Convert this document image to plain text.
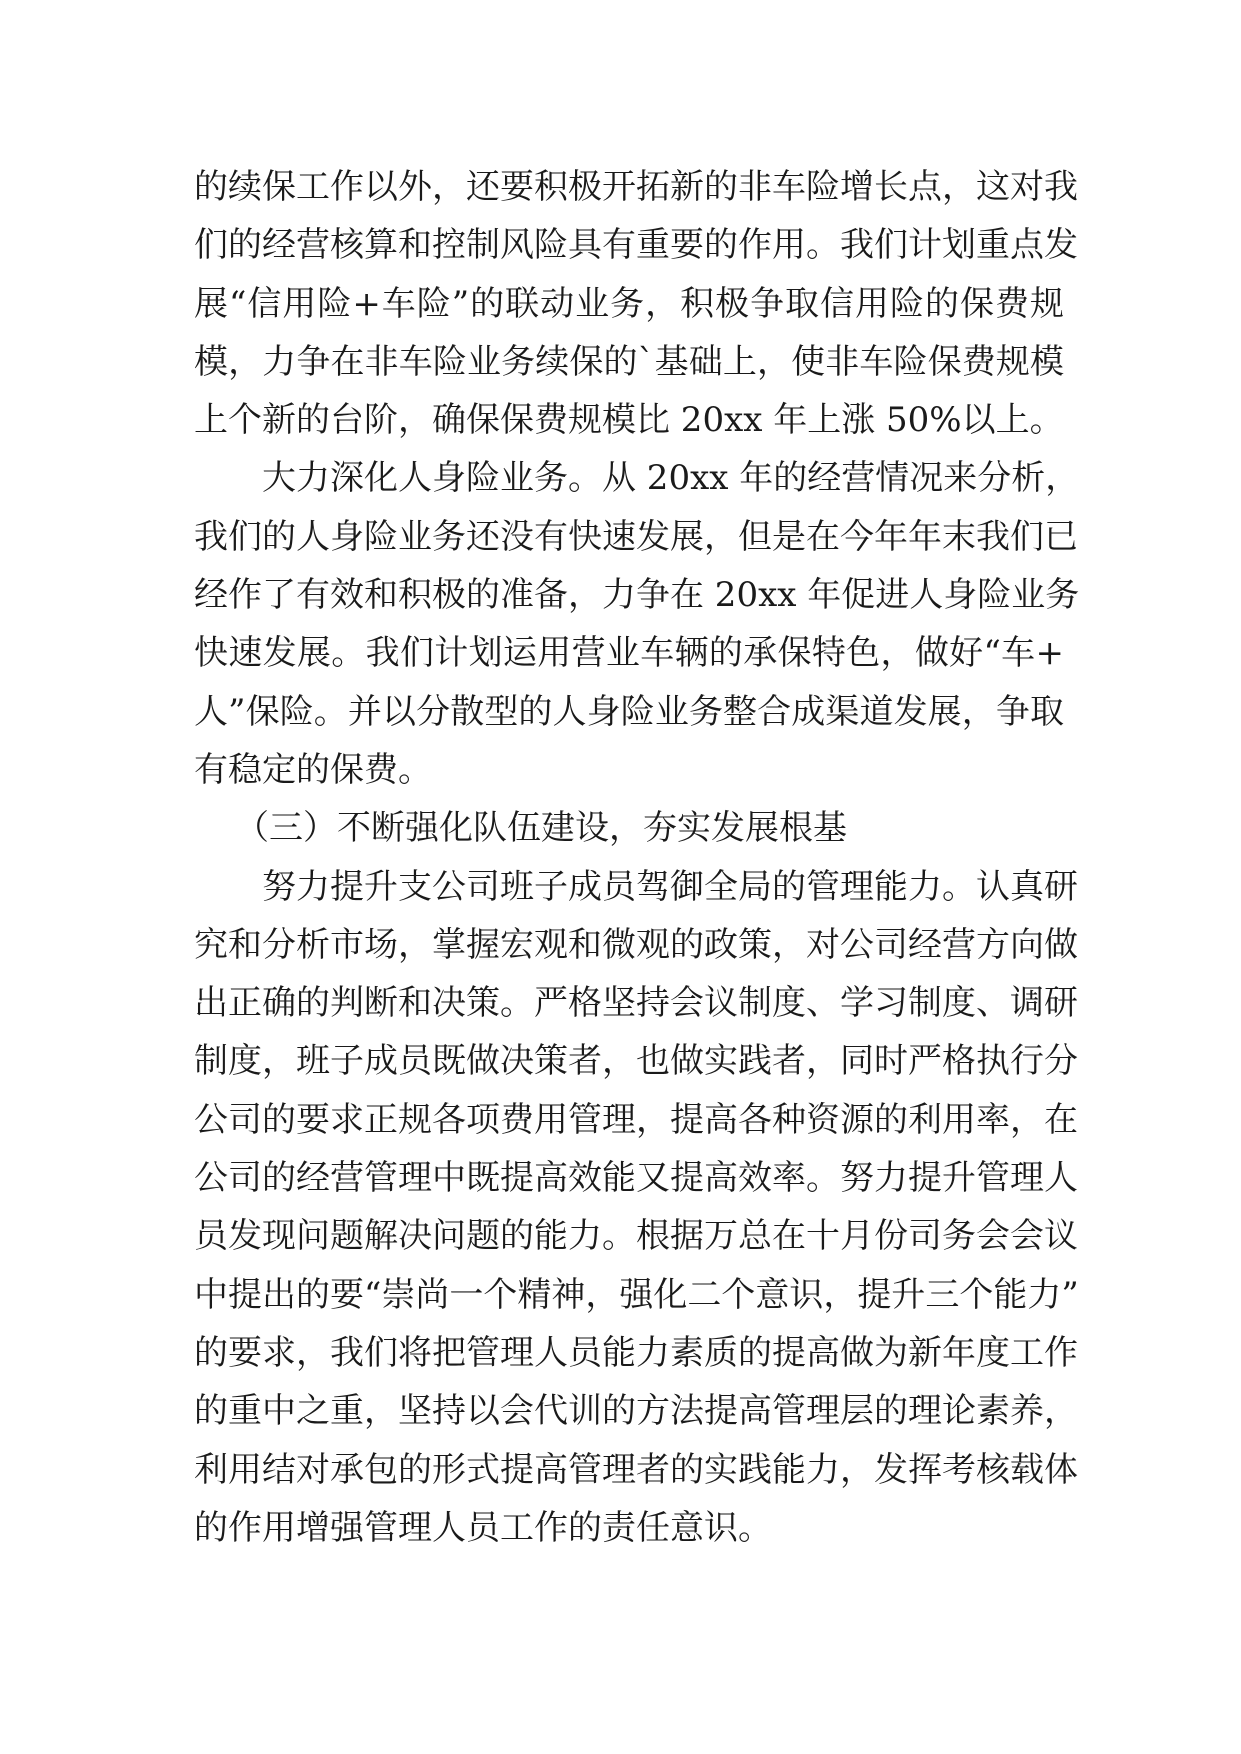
的续保工作以外，还要积极开拓新的非车险增长点，这对我
们的经营核算和控制风险具有重要的作用。我们计划重点发
展“信用险+车险”的联动业务，积极争取信用险的保费规
模，力争在非车险业务续保的`基础上，使非车险保费规模
上个新的台阶，确保保费规模比 20xx 年上涨 50%以上。
大力深化人身险业务。从 20xx 年的经营情况来分析，
我们的人身险业务还没有快速发展，但是在今年年末我们已
经作了有效和积极的准备，力争在 20xx 年促进人身险业务
快速发展。我们计划运用营业车辆的承保特色，做好“车+
人”保险。并以分散型的人身险业务整合成渠道发展，争取
有稳定的保费。
（三）不断强化队伍建设，夯实发展根基
努力提升支公司班子成员驾御全局的管理能力。认真研
究和分析市场，掌握宏观和微观的政策，对公司经营方向做
出正确的判断和决策。严格坚持会议制度、学习制度、调研
制度，班子成员既做决策者，也做实践者，同时严格执行分
公司的要求正规各项费用管理，提高各种资源的利用率，在
公司的经营管理中既提高效能又提高效率。努力提升管理人
员发现问题解决问题的能力。根据万总在十月份司务会会议
中提出的要“崇尚一个精神，强化二个意识，提升三个能力”
的要求，我们将把管理人员能力素质的提高做为新年度工作
的重中之重，坚持以会代训的方法提高管理层的理论素养，
利用结对承包的形式提高管理者的实践能力，发挥考核载体
的作用增强管理人员工作的责任意识。
